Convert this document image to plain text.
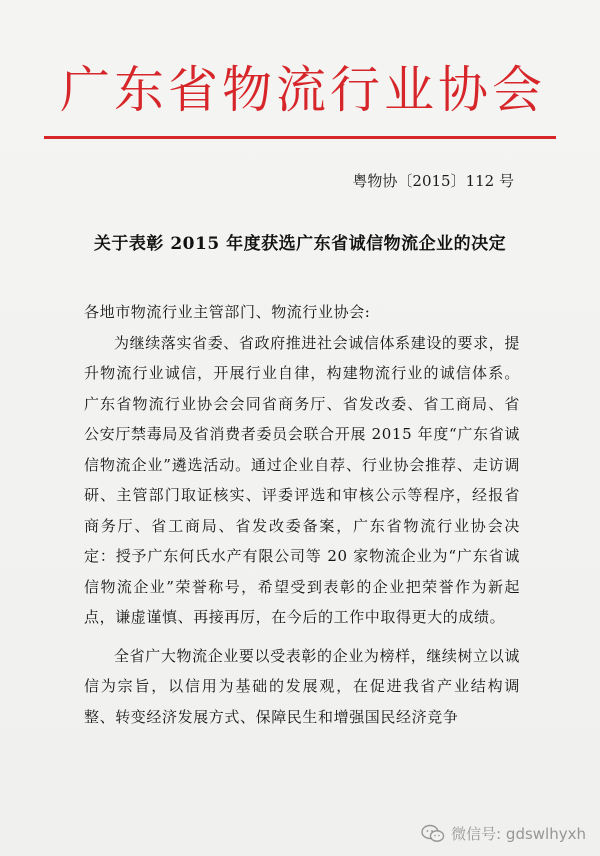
广东省物流行业协会
粤物协〔2015〕112 号
关于表彰 2015 年度获选广东省诚信物流企业的决定

各地市物流行业主管部门、物流行业协会:

为继续落实省委、省政府推进社会诚信体系建设的要求，提升物流行业诚信，开展行业自律，构建物流行业的诚信体系。广东省物流行业协会会同省商务厅、省发改委、省工商局、省公安厅禁毒局及省消费者委员会联合开展 2015 年度“广东省诚信物流企业”遴选活动。通过企业自荐、行业协会推荐、走访调研、主管部门取证核实、评委评选和审核公示等程序，经报省商务厅、省工商局、省发改委备案，广东省物流行业协会决定：授予广东何氏水产有限公司等 20 家物流企业为“广东省诚信物流企业”荣誉称号，希望受到表彰的企业把荣誉作为新起点，谦虚谨慎、再接再厉，在今后的工作中取得更大的成绩。

全省广大物流企业要以受表彰的企业为榜样，继续树立以诚信为宗旨，以信用为基础的发展观，在促进我省产业结构调整、转变经济发展方式、保障民生和增强国民经济竞争

微信号: gdswlhyxh
